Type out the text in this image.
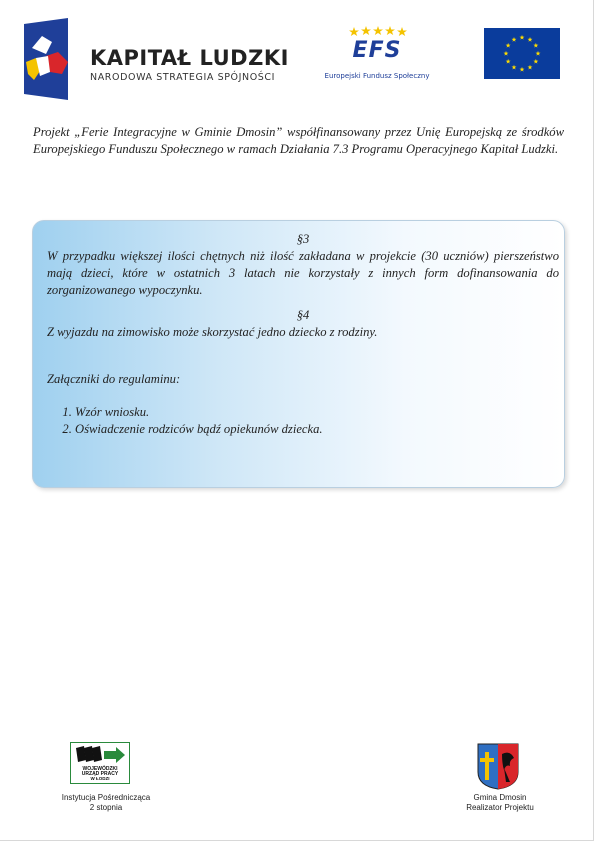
KAPITAŁ LUDZKI
NARODOWA STRATEGIA SPÓJNOŚCI
EFS
Europejski Fundusz Społeczny
Projekt „Ferie Integracyjne w Gminie Dmosin” współfinansowany przez Unię Europejską ze środków Europejskiego Funduszu Społecznego w ramach Działania 7.3 Programu Operacyjnego Kapitał Ludzki.
§3

W przypadku większej ilości chętnych niż ilość zakładana w projekcie (30 uczniów) pierszeństwo mają dzieci, które w ostatnich 3 latach nie korzystały z innych form dofinansowania do zorganizowanego wypoczynku.

§4

Z wyjazdu na zimowisko może skorzystać jedno dziecko z rodziny.

Załączniki do regulaminu:

1. Wzór wniosku.
2. Oświadczenie rodziców bądź opiekunów dziecka.
WOJEWÓDZKI
URZĄD PRACY
W ŁODZI
Instytucja Pośrednicząca
2 stopnia
Gmina Dmosin
Realizator Projektu
